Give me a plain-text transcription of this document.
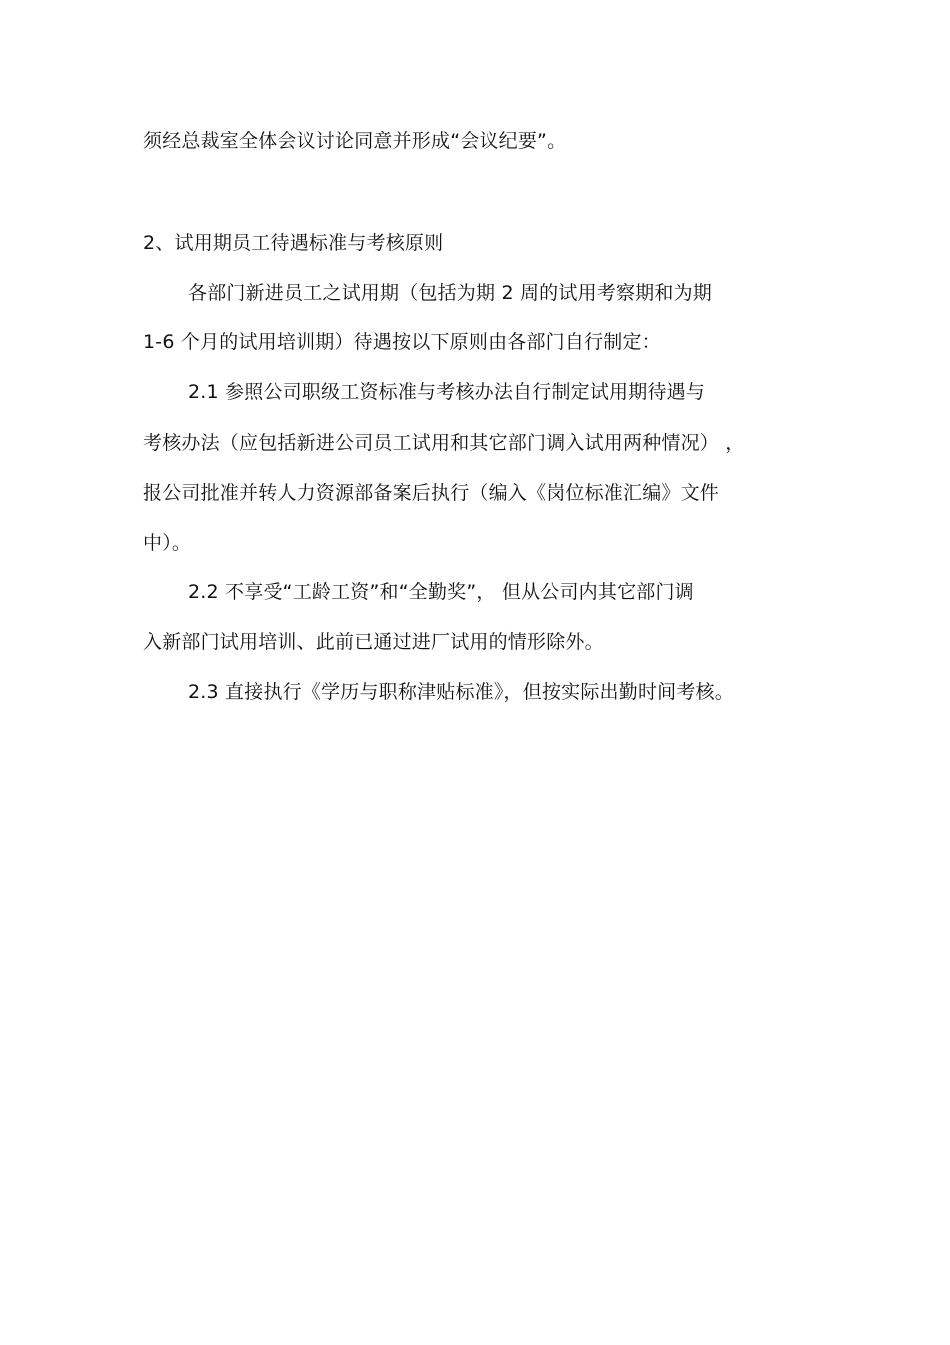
须经总裁室全体会议讨论同意并形成“会议纪要”。
2、试用期员工待遇标准与考核原则
各部门新进员工之试用期（包括为期 2 周的试用考察期和为期
1-6 个月的试用培训期）待遇按以下原则由各部门自行制定：
2.1 参照公司职级工资标准与考核办法自行制定试用期待遇与
考核办法（应包括新进公司员工试用和其它部门调入试用两种情况） ，
报公司批准并转人力资源部备案后执行（编入《岗位标准汇编》文件
中）。
2.2 不享受“工龄工资”和“全勤奖”， 但从公司内其它部门调
入新部门试用培训、此前已通过进厂试用的情形除外。
2.3 直接执行《学历与职称津贴标准》，但按实际出勤时间考核。
